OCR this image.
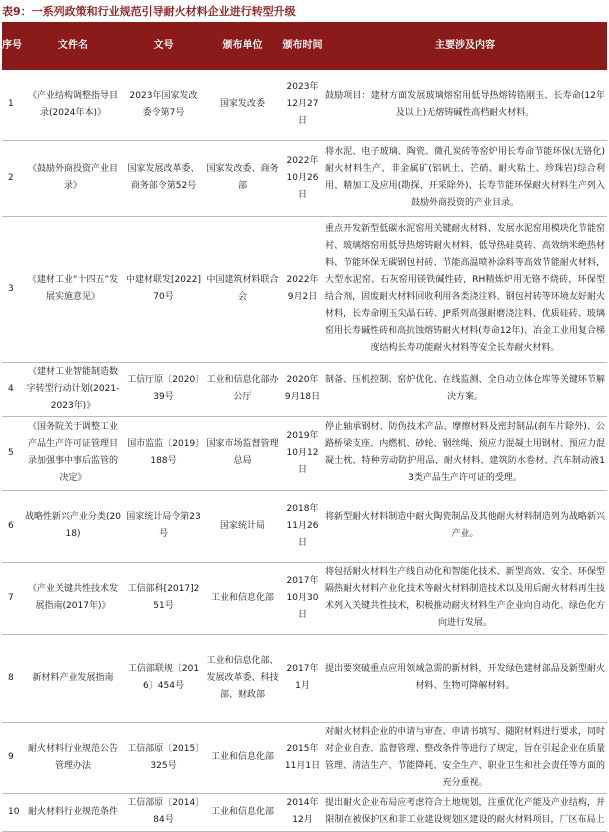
表9：一系列政策和行业规范引导耐火材料企业进行转型升级
序号	文件名	文号	颁布单位	颁布时间	主要涉及内容
1	《产业结构调整指导目录(2024年本)》	2023年国家发改委令第7号	国家发改委	2023年12月27日	鼓励项目：建材方面发展玻璃熔窑用低导热熔铸锆刚玉、长寿命(12年及以上)无熔铸碱性高档耐火材料。
2	《鼓励外商投资产业目录》	国家发展改革委、商务部令第52号	国家发改委、商务部	2022年10月26日	将水泥、电子玻璃、陶瓷、微孔炭砖等窑炉用长寿命节能环保(无铬化)耐火材料生产、非金属矿(铝矾土、芒硝、耐火粘土、珍珠岩)综合利用、精加工及应用(勘探、开采除外)、长寿节能环保耐火材料生产列入鼓励外商投资的产业目录。
3	《建材工业“十四五”发展实施意见》	中建材联发[2022]70号	中国建筑材料联合会	2022年9月2日	重点开发新型低碳水泥窑用关键耐火材料、发展水泥窑用模块化节能窑衬、玻璃熔窑用低导热熔铸耐火材料、低导热硅莫砖、高效纳米绝热材料、节能环保无碳钢包衬砖、节能高温喷补涂料等高效节能耐火材料，大型水泥窑、石灰窑用镁铁碱性砖，RH精炼炉用无铬不烧砖，环保型结合剂，固废耐火材料回收利用各类浇注料、钢包衬砖等环境友好耐火材料，长寿命刚玉尖晶石砖、JP系列高强耐磨浇注料、优质硅砖、玻璃窑用长寿碱性砖和高抗蚀熔铸耐火材料(寿命12年)、冶金工业用复合梯度结构长寿功能耐火材料等安全长寿耐火材料。
4	《建材工业智能制造数字转型行动计划(2021-2023年)》	工信厅原〔2020〕39号	工业和信息化部办公厅	2020年9月18日	制备、压机控制、窑炉优化、在线监测、全自动立体仓库等关键环节解决方案。
5	《国务院关于调整工业产品生产许可证管理目录加强事中事后监管的决定》	国市监监〔2019〕188号	国家市场监督管理总局	2019年10月12日	停止轴承钢材、防伪技术产品、摩擦材料及密封制品(刹车片除外)、公路桥梁支座、内燃机、砂轮、钢丝绳、预应力混凝土用钢材、预应力混凝土枕、特种劳动防护用品、耐火材料、建筑防水卷材、汽车制动液13类产品生产许可证的受理。
6	战略性新兴产业分类(2018)	国家统计局令第23号	国家统计局	2018年11月26日	将新型耐火材料制造中耐火陶瓷制品及其他耐火材料制造列为战略新兴产业。
7	《产业关键共性技术发展指南(2017年)》	工信部科[2017]251号	工业和信息化部	2017年10月30日	将包括耐火材料生产线自动化和智能化技术、新型高效、安全、环保型隔热耐火材料产业化技术等耐火材料制造技术以及用后耐火材料再生技术列入关键共性技术，积极推动耐火材料生产企业向自动化、绿色化方向进行发展。
8	新材料产业发展指南	工信部联规〔2016〕454号	工业和信息化部、发展改革委、科技部、财政部	2017年1月	提出要突破重点应用领域急需的新材料，开发绿色建材部品及新型耐火材料、生物可降解材料。
9	耐火材料行业规范公告管理办法	工信部原〔2015〕325号	工业和信息化部	2015年11月1日	对耐火材料企业的申请与审查、申请书填写、随附材料进行要求，同时对企业自查、监督管理、整改条件等进行了规定，旨在引起企业在质量管理、清洁生产、节能降耗、安全生产、职业卫生和社会责任等方面的充分重视。
10	耐火材料行业规范条件	工信部原〔2014〕84号	工业和信息化部	2014年12月	提出耐火企业布局应考虑符合土地规划，注重优化产能及产业结构，并限制在被保护区和非工业建设规划区建设的耐火材料项目，厂区布局上
